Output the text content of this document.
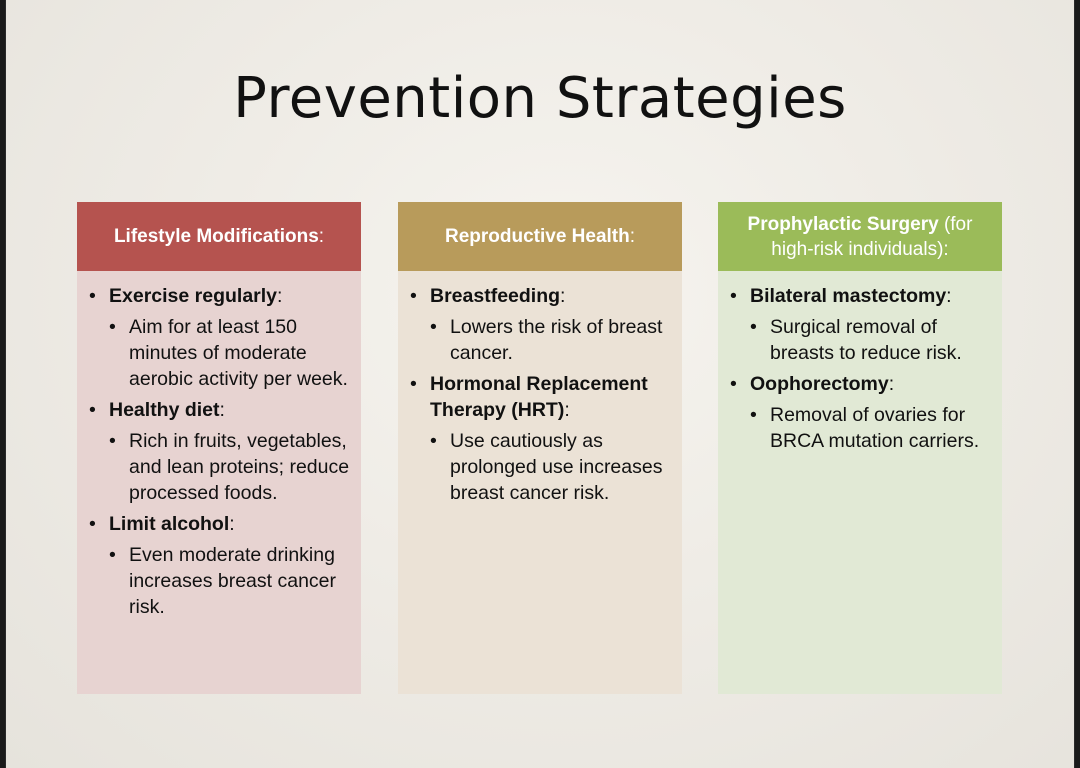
Prevention Strategies
Lifestyle Modifications:
• Exercise regularly:
• Aim for at least 150 minutes of moderate aerobic activity per week.
• Healthy diet:
• Rich in fruits, vegetables, and lean proteins; reduce processed foods.
• Limit alcohol:
• Even moderate drinking increases breast cancer risk.
Reproductive Health:
• Breastfeeding:
• Lowers the risk of breast cancer.
• Hormonal Replacement Therapy (HRT):
• Use cautiously as prolonged use increases breast cancer risk.
Prophylactic Surgery (for high-risk individuals):
• Bilateral mastectomy:
• Surgical removal of breasts to reduce risk.
• Oophorectomy:
• Removal of ovaries for BRCA mutation carriers.
